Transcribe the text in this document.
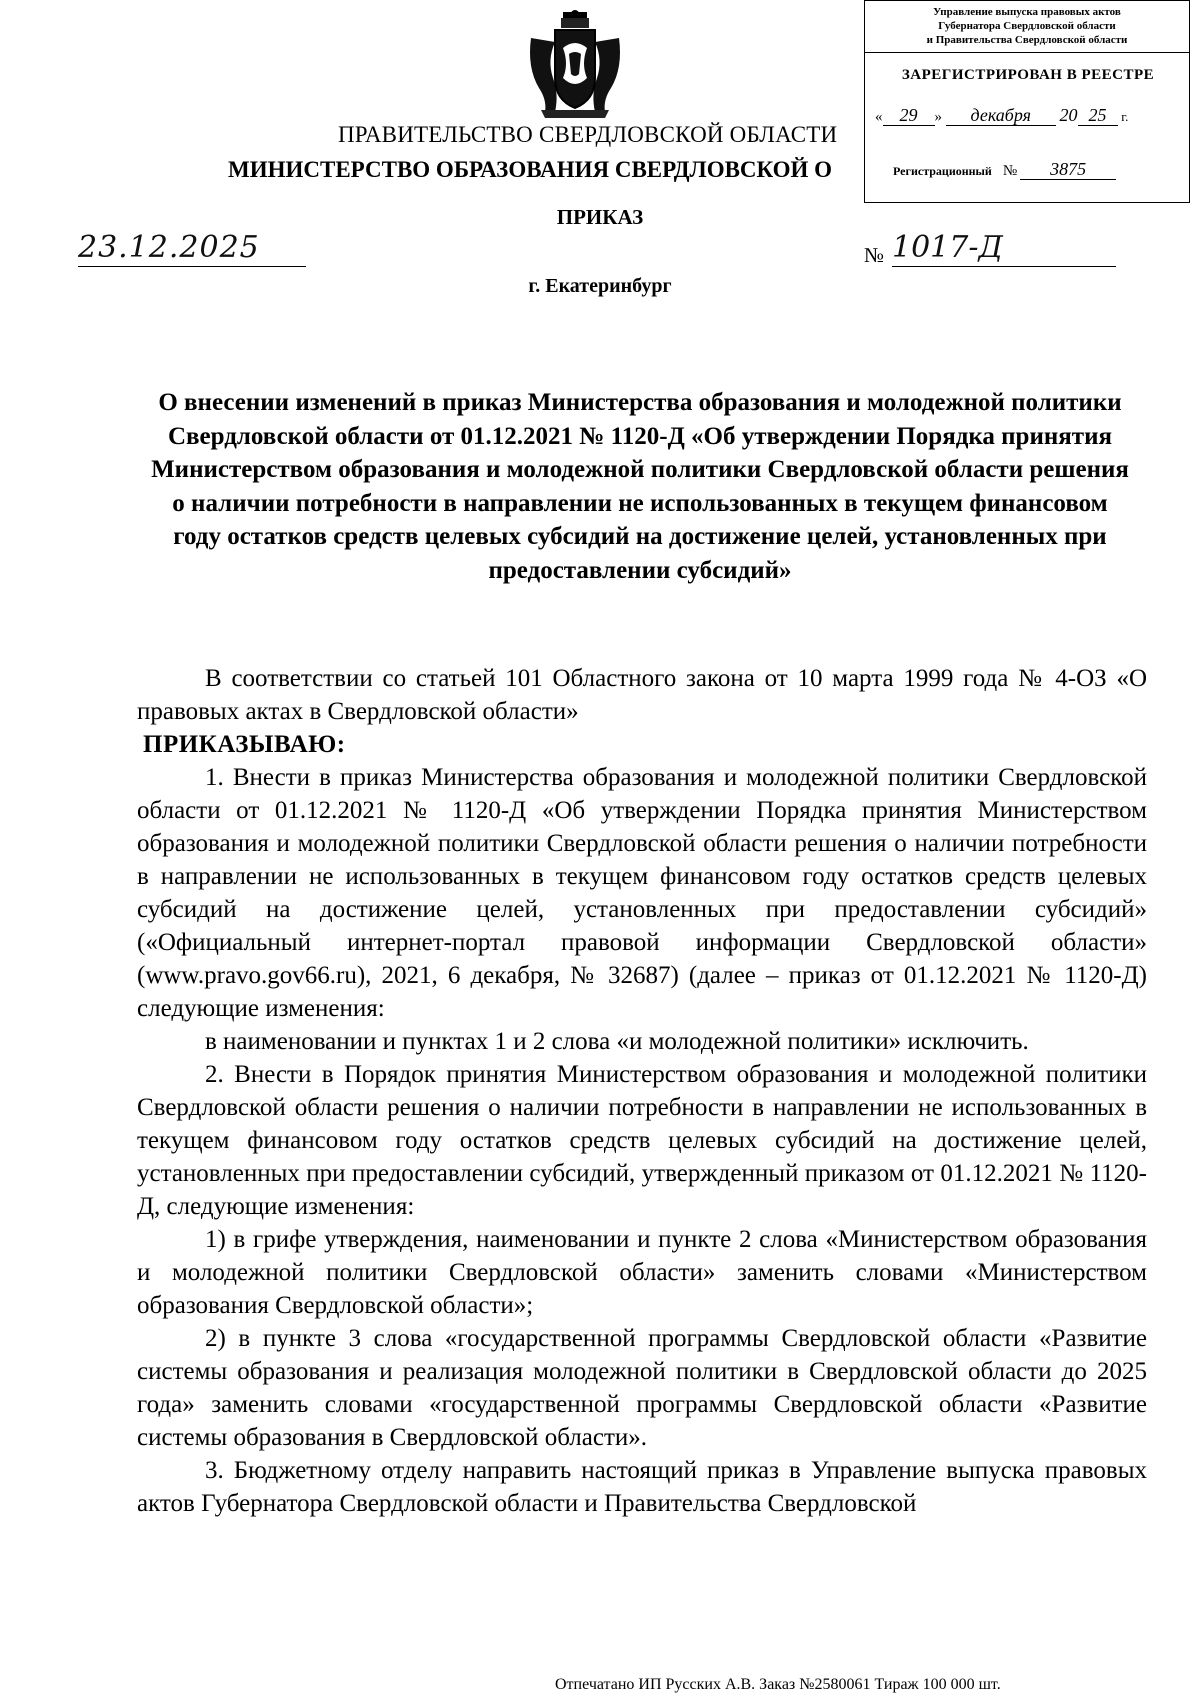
Управление выпуска правовых актов
Губернатора Свердловской области
и Правительства Свердловской области
ЗАРЕГИСТРИРОВАН В РЕЕСТРЕ
« 29 » декабря 20 25 г.
Регистрационный № 3875
ПРАВИТЕЛЬСТВО СВЕРДЛОВСКОЙ ОБЛАСТИ
МИНИСТЕРСТВО ОБРАЗОВАНИЯ СВЕРДЛОВСКОЙ О
ПРИКАЗ
23.12.2025	№ 1017-Д
г. Екатеринбург
О внесении изменений в приказ Министерства образования и молодежной политики Свердловской области от 01.12.2021 № 1120-Д «Об утверждении Порядка принятия Министерством образования и молодежной политики Свердловской области решения о наличии потребности в направлении не использованных в текущем финансовом году остатков средств целевых субсидий на достижение целей, установленных при предоставлении субсидий»

В соответствии со статьей 101 Областного закона от 10 марта 1999 года № 4-ОЗ «О правовых актах в Свердловской области»

ПРИКАЗЫВАЮ:

1. Внести в приказ Министерства образования и молодежной политики Свердловской области от 01.12.2021 № 1120-Д «Об утверждении Порядка принятия Министерством образования и молодежной политики Свердловской области решения о наличии потребности в направлении не использованных в текущем финансовом году остатков средств целевых субсидий на достижение целей, установленных при предоставлении субсидий» («Официальный интернет-портал правовой информации Свердловской области» (www.pravo.gov66.ru), 2021, 6 декабря, № 32687) (далее – приказ от 01.12.2021 № 1120-Д) следующие изменения:

в наименовании и пунктах 1 и 2 слова «и молодежной политики» исключить.

2. Внести в Порядок принятия Министерством образования и молодежной политики Свердловской области решения о наличии потребности в направлении не использованных в текущем финансовом году остатков средств целевых субсидий на достижение целей, установленных при предоставлении субсидий, утвержденный приказом от 01.12.2021 № 1120-Д, следующие изменения:

1) в грифе утверждения, наименовании и пункте 2 слова «Министерством образования и молодежной политики Свердловской области» заменить словами «Министерством образования Свердловской области»;

2) в пункте 3 слова «государственной программы Свердловской области «Развитие системы образования и реализация молодежной политики в Свердловской области до 2025 года» заменить словами «государственной программы Свердловской области «Развитие системы образования в Свердловской области».

3. Бюджетному отделу направить настоящий приказ в Управление выпуска правовых актов Губернатора Свердловской области и Правительства Свердловской

Отпечатано ИП Русских А.В. Заказ №2580061 Тираж 100 000 шт.
